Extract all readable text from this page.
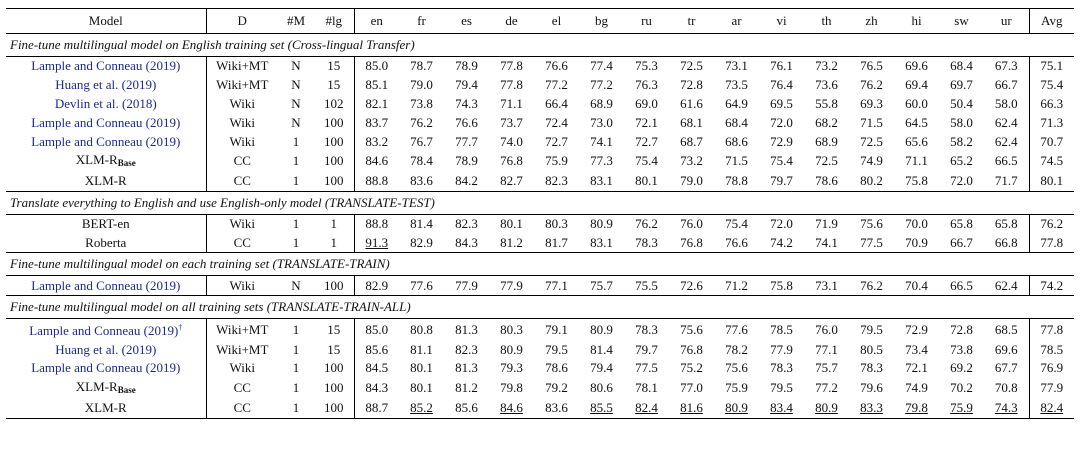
Model	D	#M	#lg	en	fr	es	de	el	bg	ru	tr	ar	vi	th	zh	hi	sw	ur	Avg
Fine-tune multilingual model on English training set (Cross-lingual Transfer)																			
Lample and Conneau (2019)	Wiki+MT	N	15	85.0	78.7	78.9	77.8	76.6	77.4	75.3	72.5	73.1	76.1	73.2	76.5	69.6	68.4	67.3	75.1
Huang et al. (2019)	Wiki+MT	N	15	85.1	79.0	79.4	77.8	77.2	77.2	76.3	72.8	73.5	76.4	73.6	76.2	69.4	69.7	66.7	75.4
Devlin et al. (2018)	Wiki	N	102	82.1	73.8	74.3	71.1	66.4	68.9	69.0	61.6	64.9	69.5	55.8	69.3	60.0	50.4	58.0	66.3
Lample and Conneau (2019)	Wiki	N	100	83.7	76.2	76.6	73.7	72.4	73.0	72.1	68.1	68.4	72.0	68.2	71.5	64.5	58.0	62.4	71.3
Lample and Conneau (2019)	Wiki	1	100	83.2	76.7	77.7	74.0	72.7	74.1	72.7	68.7	68.6	72.9	68.9	72.5	65.6	58.2	62.4	70.7
XLM-$R_{Base}$	CC	1	100	84.6	78.4	78.9	76.8	75.9	77.3	75.4	73.2	71.5	75.4	72.5	74.9	71.1	65.2	66.5	74.5
XLM-R	CC	1	100	88.8	83.6	84.2	82.7	82.3	83.1	80.1	79.0	78.8	79.7	78.6	80.2	75.8	72.0	71.7	80.1
Translate everything to English and use English-only model (TRANSLATE-TEST)																			
BERT-en	Wiki	1	1	88.8	81.4	82.3	80.1	80.3	80.9	76.2	76.0	75.4	72.0	71.9	75.6	70.0	65.8	65.8	76.2
Roberta	CC	1	1	91.3	82.9	84.3	81.2	81.7	83.1	78.3	76.8	76.6	74.2	74.1	77.5	70.9	66.7	66.8	77.8
Fine-tune multilingual model on each training set (TRANSLATE-TRAIN)																			
Lample and Conneau (2019)	Wiki	N	100	82.9	77.6	77.9	77.9	77.1	75.7	75.5	72.6	71.2	75.8	73.1	76.2	70.4	66.5	62.4	74.2
Fine-tune multilingual model on all training sets (TRANSLATE-TRAIN-ALL)																			
Lample and Conneau (2019)†	Wiki+MT	1	15	85.0	80.8	81.3	80.3	79.1	80.9	78.3	75.6	77.6	78.5	76.0	79.5	72.9	72.8	68.5	77.8
Huang et al. (2019)	Wiki+MT	1	15	85.6	81.1	82.3	80.9	79.5	81.4	79.7	76.8	78.2	77.9	77.1	80.5	73.4	73.8	69.6	78.5
Lample and Conneau (2019)	Wiki	1	100	84.5	80.1	81.3	79.3	78.6	79.4	77.5	75.2	75.6	78.3	75.7	78.3	72.1	69.2	67.7	76.9
XLM-$R_{Base}$	CC	1	100	84.3	80.1	81.2	79.8	79.2	80.6	78.1	77.0	75.9	79.5	77.2	79.6	74.9	70.2	70.8	77.9
XLM-R	CC	1	100	88.7	85.2	85.6	84.6	83.6	85.5	82.4	81.6	80.9	83.4	80.9	83.3	79.8	75.9	74.3	82.4
